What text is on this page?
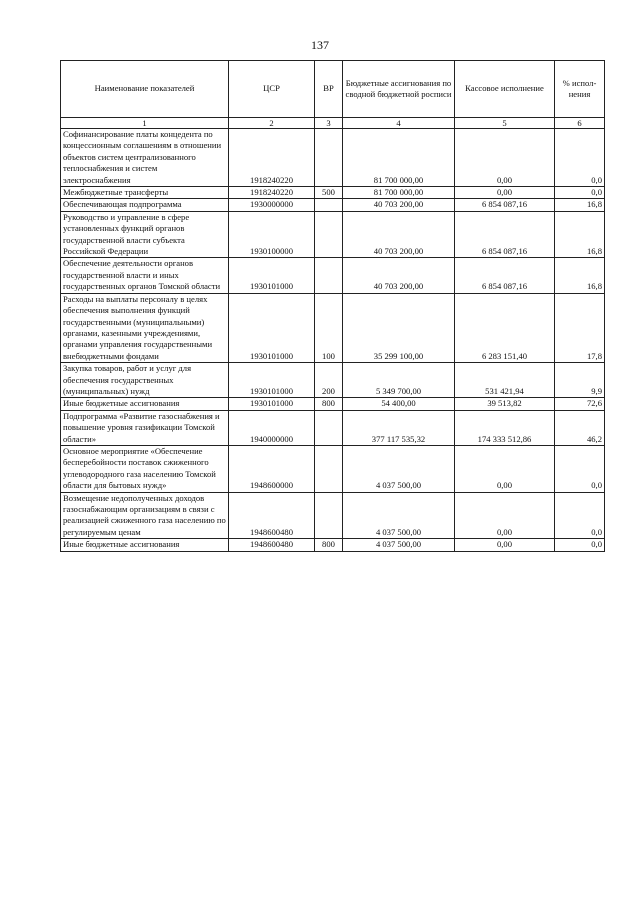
137
Наименование показателей	ЦСР	ВР	Бюджетные ассигнования по сводной бюджетной росписи	Кассовое исполнение	% испол-нения
1	2	3	4	5	6
Софинансирование платы концедента по концессионным соглашениям в отношении объектов систем централизованного теплоснабжения и систем электроснабжения	1918240220		81 700 000,00	0,00	0,0
Межбюджетные трансферты	1918240220	500	81 700 000,00	0,00	0,0
Обеспечивающая подпрограмма	1930000000		40 703 200,00	6 854 087,16	16,8
Руководство и управление в сфере установленных функций органов государственной власти субъекта Российской Федерации	1930100000		40 703 200,00	6 854 087,16	16,8
Обеспечение деятельности органов государственной власти и иных государственных органов Томской области	1930101000		40 703 200,00	6 854 087,16	16,8
Расходы на выплаты персоналу в целях обеспечения выполнения функций государственными (муниципальными) органами, казенными учреждениями, органами управления государственными внебюджетными фондами	1930101000	100	35 299 100,00	6 283 151,40	17,8
Закупка товаров, работ и услуг для обеспечения государственных (муниципальных) нужд	1930101000	200	5 349 700,00	531 421,94	9,9
Иные бюджетные ассигнования	1930101000	800	54 400,00	39 513,82	72,6
Подпрограмма «Развитие газоснабжения и повышение уровня газификации Томской области»	1940000000		377 117 535,32	174 333 512,86	46,2
Основное мероприятие «Обеспечение бесперебойности поставок сжиженного углеводородного газа населению Томской области для бытовых нужд»	1948600000		4 037 500,00	0,00	0,0
Возмещение недополученных доходов газоснабжающим организациям в связи с реализацией сжиженного газа населению по регулируемым ценам	1948600480		4 037 500,00	0,00	0,0
Иные бюджетные ассигнования	1948600480	800	4 037 500,00	0,00	0,0
